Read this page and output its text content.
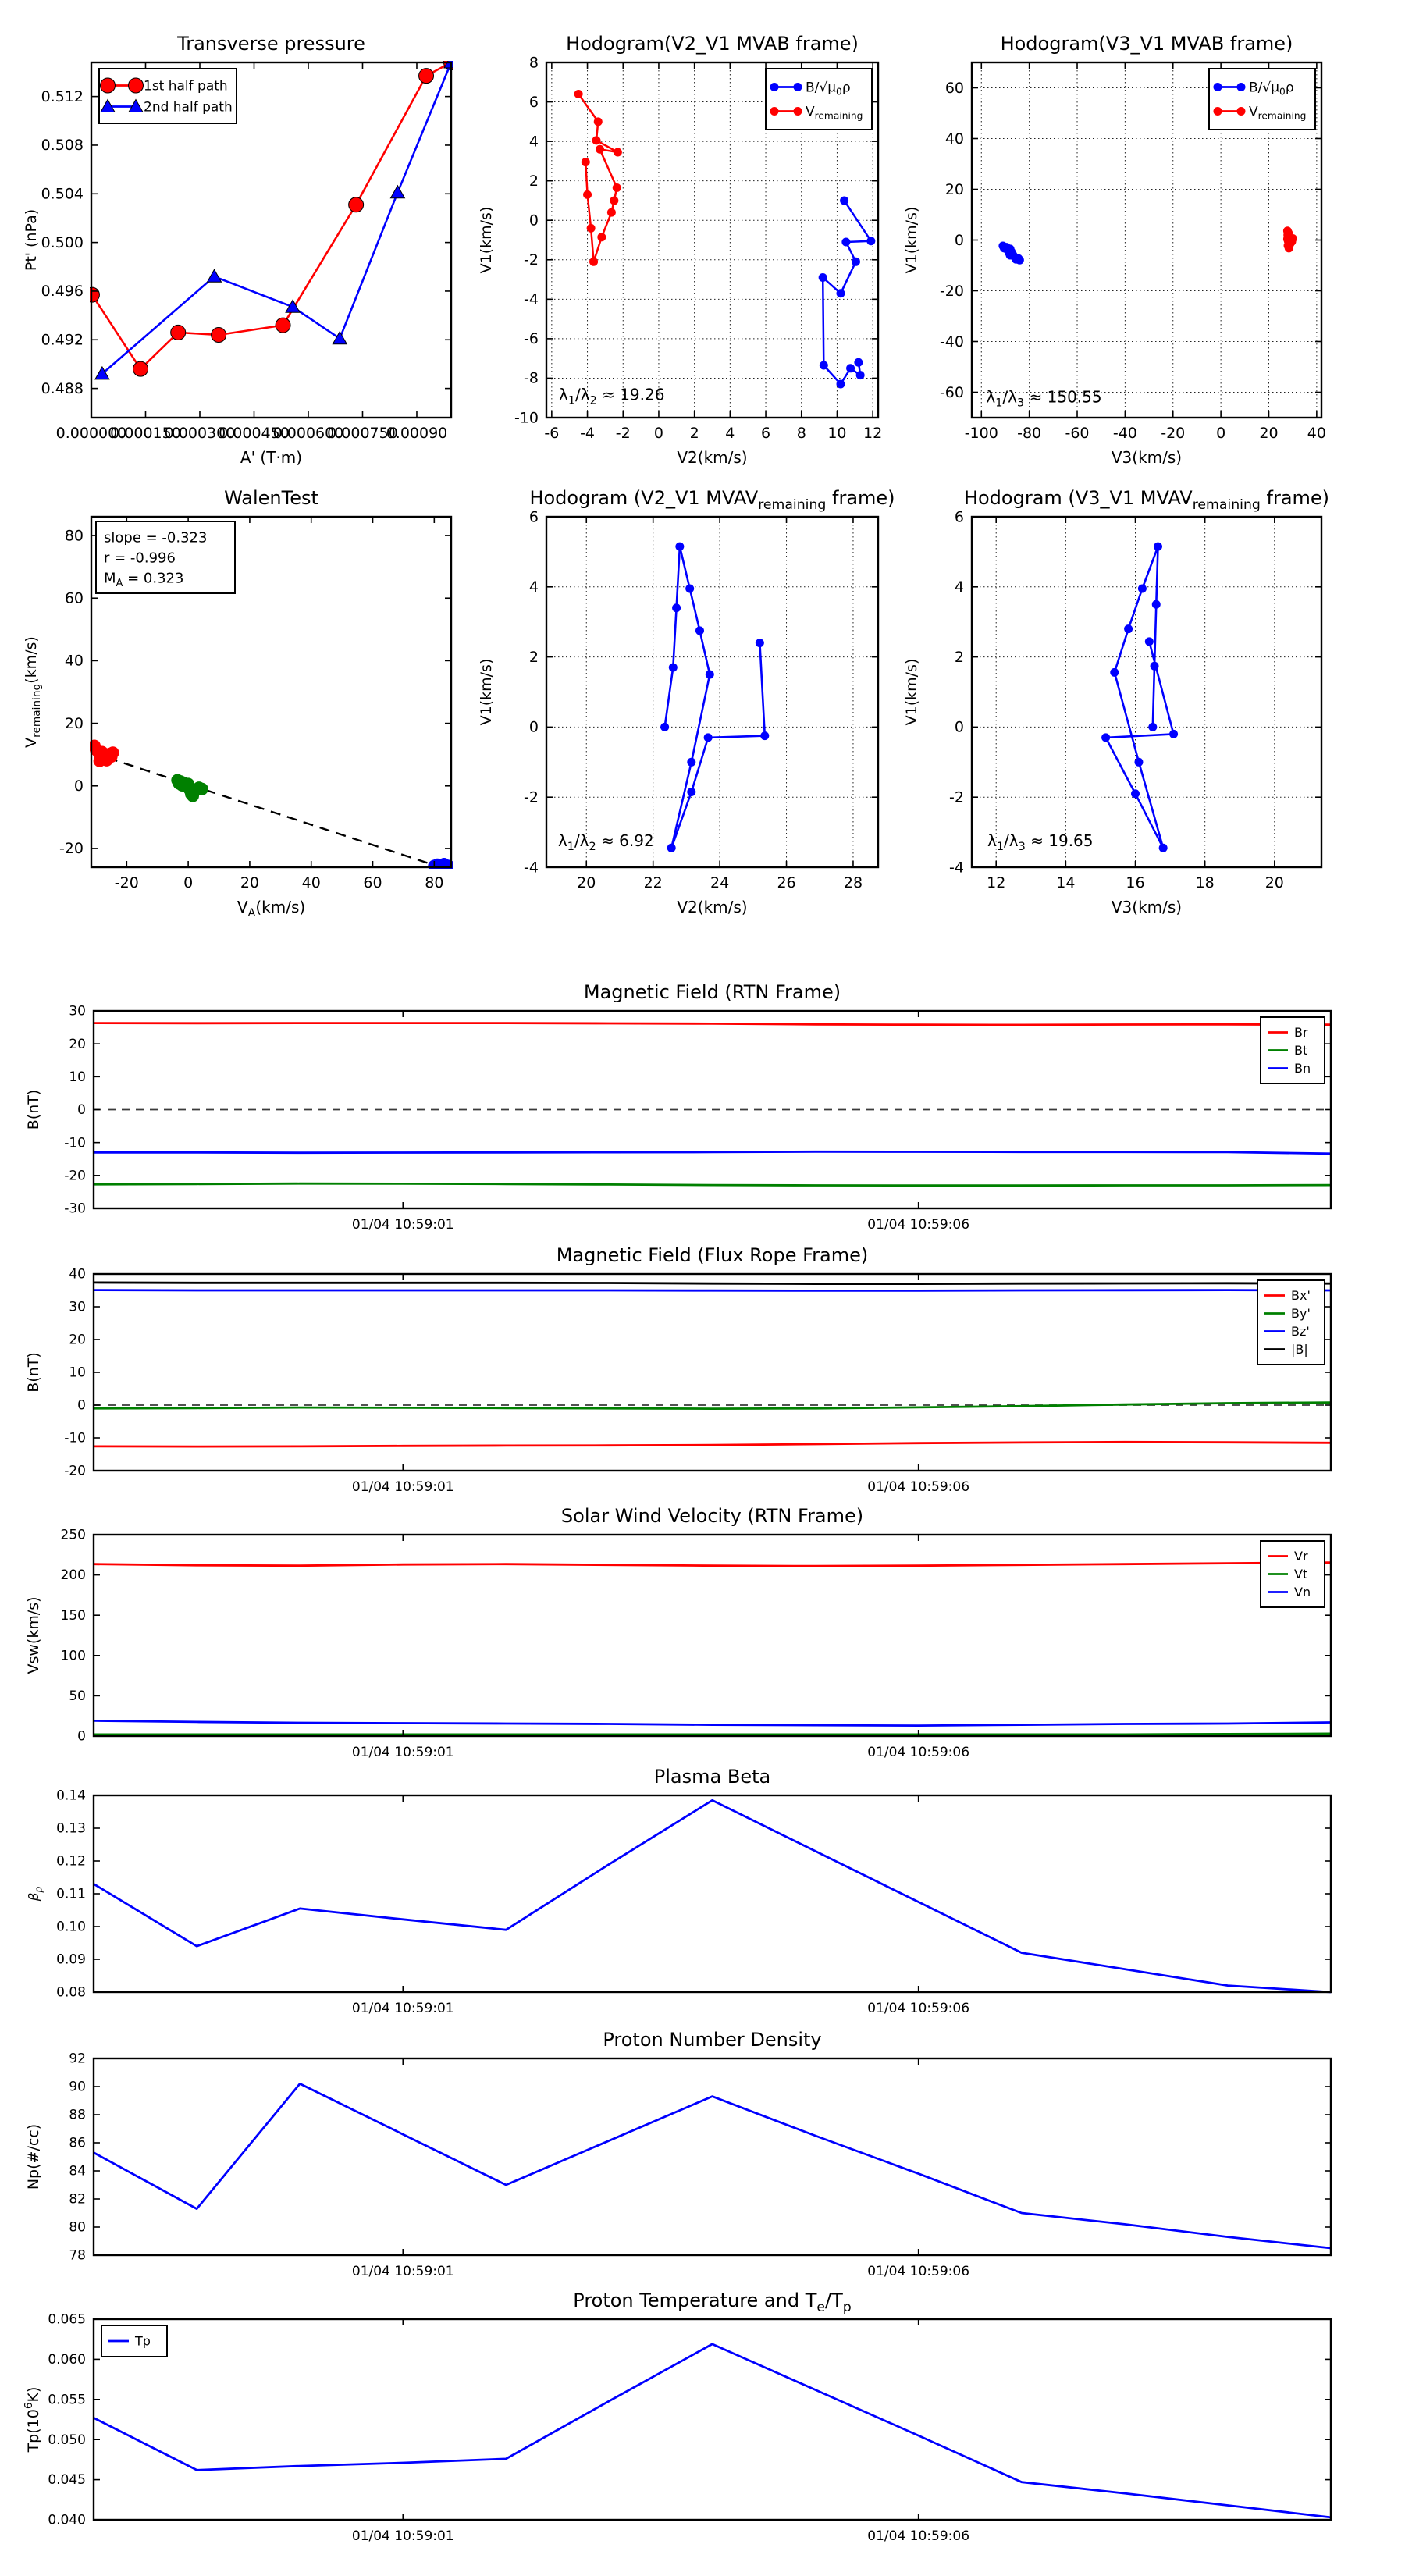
0.000000
0.000150
0.000300
0.000450
0.000600
0.000750
0.00090
0.488
0.492
0.496
0.500
0.504
0.508
0.512
Transverse pressure
A' (T·m)
Pt' (nPa)
1st half path
2nd half path
-6 -4 -2 0 2 4 6 8 10 12
-10
-8
-6
-4
-2
0
2
4
6
8
Hodogram(V2_V1 MVAB frame)
V2(km/s)
V1(km/s)
$\lambda_1/\lambda_2 \approx 19.26$
$B/√\mu_0\rho$
$V_{remaining}$
-100 -80 -60 -40 -20 0 20 40
-60
-40
-20
0
20
40
60
Hodogram(V3_V1 MVAB frame)
V3(km/s)
V1(km/s)
$\lambda_1/\lambda_3 \approx 150.55$
$B/√\mu_0\rho$
$V_{remaining}$
-20	0	20	40	60	80
-20
0
20
40
60
80
WalenTest
$V_A(km/s)$
$V_{remaining}(km/s)$
slope = -0.323
r = -0.996
$M_A = 0.323$
20	22	24	26	28
-4
-2
0
2
4
6
Hodogram (V2_V1 $MVAV_{remaining}$ frame)
V2(km/s)
V1(km/s)
$\lambda_1/\lambda_2 \approx 6.92$
12	14	16	18	20
-4
-2
0
2
4
6
Hodogram (V3_V1 $MVAV_{remaining}$ frame)
V3(km/s)
V1(km/s)
$\lambda_1/\lambda_3 \approx 19.65$
01/04 10:59:01	01/04 10:59:06
-30
-20
-10
0
10
20
30
Magnetic Field (RTN Frame)
B(nT)
Br
Bt
Bn
01/04 10:59:01	01/04 10:59:06
-20
-10
0
10
20
30
40
Magnetic Field (Flux Rope Frame)
B(nT)
Bx'
By'
Bz'
|B|
01/04 10:59:01	01/04 10:59:06
0
50
100
150
200
250
Solar Wind Velocity (RTN Frame)
Vsw(km/s)
Vr
Vt
Vn
01/04 10:59:01	01/04 10:59:06
0.08
0.09
0.10
0.11
0.12
0.13
0.14
Plasma Beta
$\beta_p$
01/04 10:59:01	01/04 10:59:06
78
80
82
84
86
88
90
92
Proton Number Density
Np(#/cc)
01/04 10:59:01	01/04 10:59:06
0.040
0.045
0.050
0.055
0.060
0.065
Proton Temperature and $T_e/T_p$
$Tp(10^6K)$
Tp
